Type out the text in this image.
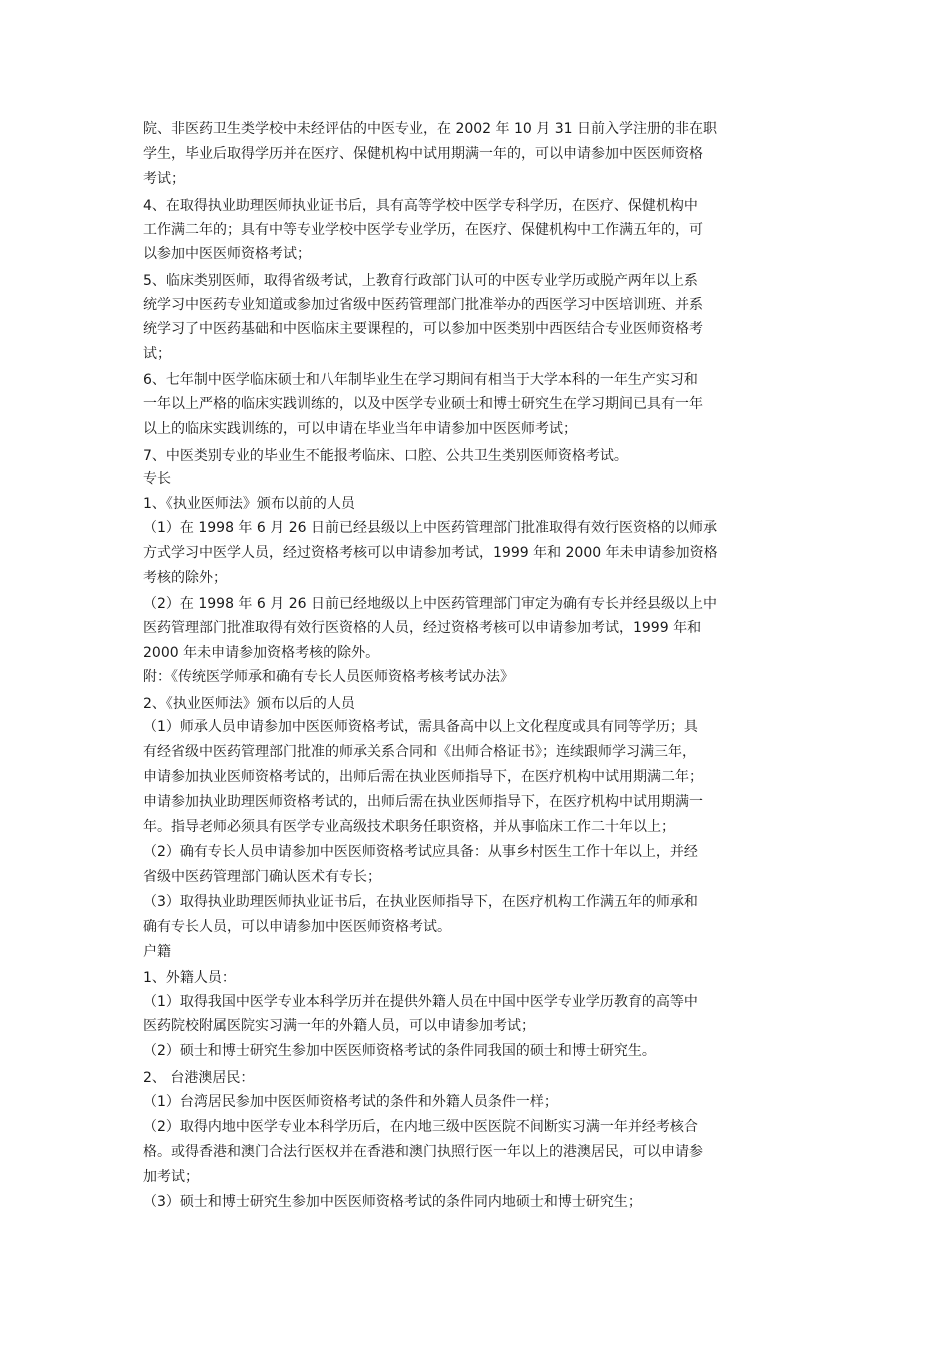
院、非医药卫生类学校中未经评估的中医专业，在 2002 年 10 月 31 日前入学注册的非在职
学生，毕业后取得学历并在医疗、保健机构中试用期满一年的，可以申请参加中医医师资格
考试；
4、在取得执业助理医师执业证书后，具有高等学校中医学专科学历，在医疗、保健机构中
工作满二年的；具有中等专业学校中医学专业学历，在医疗、保健机构中工作满五年的，可
以参加中医医师资格考试；
5、临床类别医师，取得省级考试，上教育行政部门认可的中医专业学历或脱产两年以上系
统学习中医药专业知道或参加过省级中医药管理部门批准举办的西医学习中医培训班、并系
统学习了中医药基础和中医临床主要课程的，可以参加中医类别中西医结合专业医师资格考
试；
6、七年制中医学临床硕士和八年制毕业生在学习期间有相当于大学本科的一年生产实习和
一年以上严格的临床实践训练的，以及中医学专业硕士和博士研究生在学习期间已具有一年
以上的临床实践训练的，可以申请在毕业当年申请参加中医医师考试；
7、中医类别专业的毕业生不能报考临床、口腔、公共卫生类别医师资格考试。
专长
1、《执业医师法》颁布以前的人员
（1）在 1998 年 6 月 26 日前已经县级以上中医药管理部门批准取得有效行医资格的以师承
方式学习中医学人员，经过资格考核可以申请参加考试，1999 年和 2000 年未申请参加资格
考核的除外；
（2）在 1998 年 6 月 26 日前已经地级以上中医药管理部门审定为确有专长并经县级以上中
医药管理部门批准取得有效行医资格的人员，经过资格考核可以申请参加考试，1999 年和
2000 年未申请参加资格考核的除外。
附：《传统医学师承和确有专长人员医师资格考核考试办法》
2、《执业医师法》颁布以后的人员
（1）师承人员申请参加中医医师资格考试，需具备高中以上文化程度或具有同等学历；具
有经省级中医药管理部门批准的师承关系合同和《出师合格证书》；连续跟师学习满三年，
申请参加执业医师资格考试的，出师后需在执业医师指导下，在医疗机构中试用期满二年；
申请参加执业助理医师资格考试的，出师后需在执业医师指导下，在医疗机构中试用期满一
年。指导老师必须具有医学专业高级技术职务任职资格，并从事临床工作二十年以上；
（2）确有专长人员申请参加中医医师资格考试应具备：从事乡村医生工作十年以上，并经
省级中医药管理部门确认医术有专长；
（3）取得执业助理医师执业证书后，在执业医师指导下，在医疗机构工作满五年的师承和
确有专长人员，可以申请参加中医医师资格考试。
户籍
1、外籍人员：
（1）取得我国中医学专业本科学历并在提供外籍人员在中国中医学专业学历教育的高等中
医药院校附属医院实习满一年的外籍人员，可以申请参加考试；
（2）硕士和博士研究生参加中医医师资格考试的条件同我国的硕士和博士研究生。
2、 台港澳居民：
（1）台湾居民参加中医医师资格考试的条件和外籍人员条件一样；
（2）取得内地中医学专业本科学历后，在内地三级中医医院不间断实习满一年并经考核合
格。或得香港和澳门合法行医权并在香港和澳门执照行医一年以上的港澳居民，可以申请参
加考试；
（3）硕士和博士研究生参加中医医师资格考试的条件同内地硕士和博士研究生；
